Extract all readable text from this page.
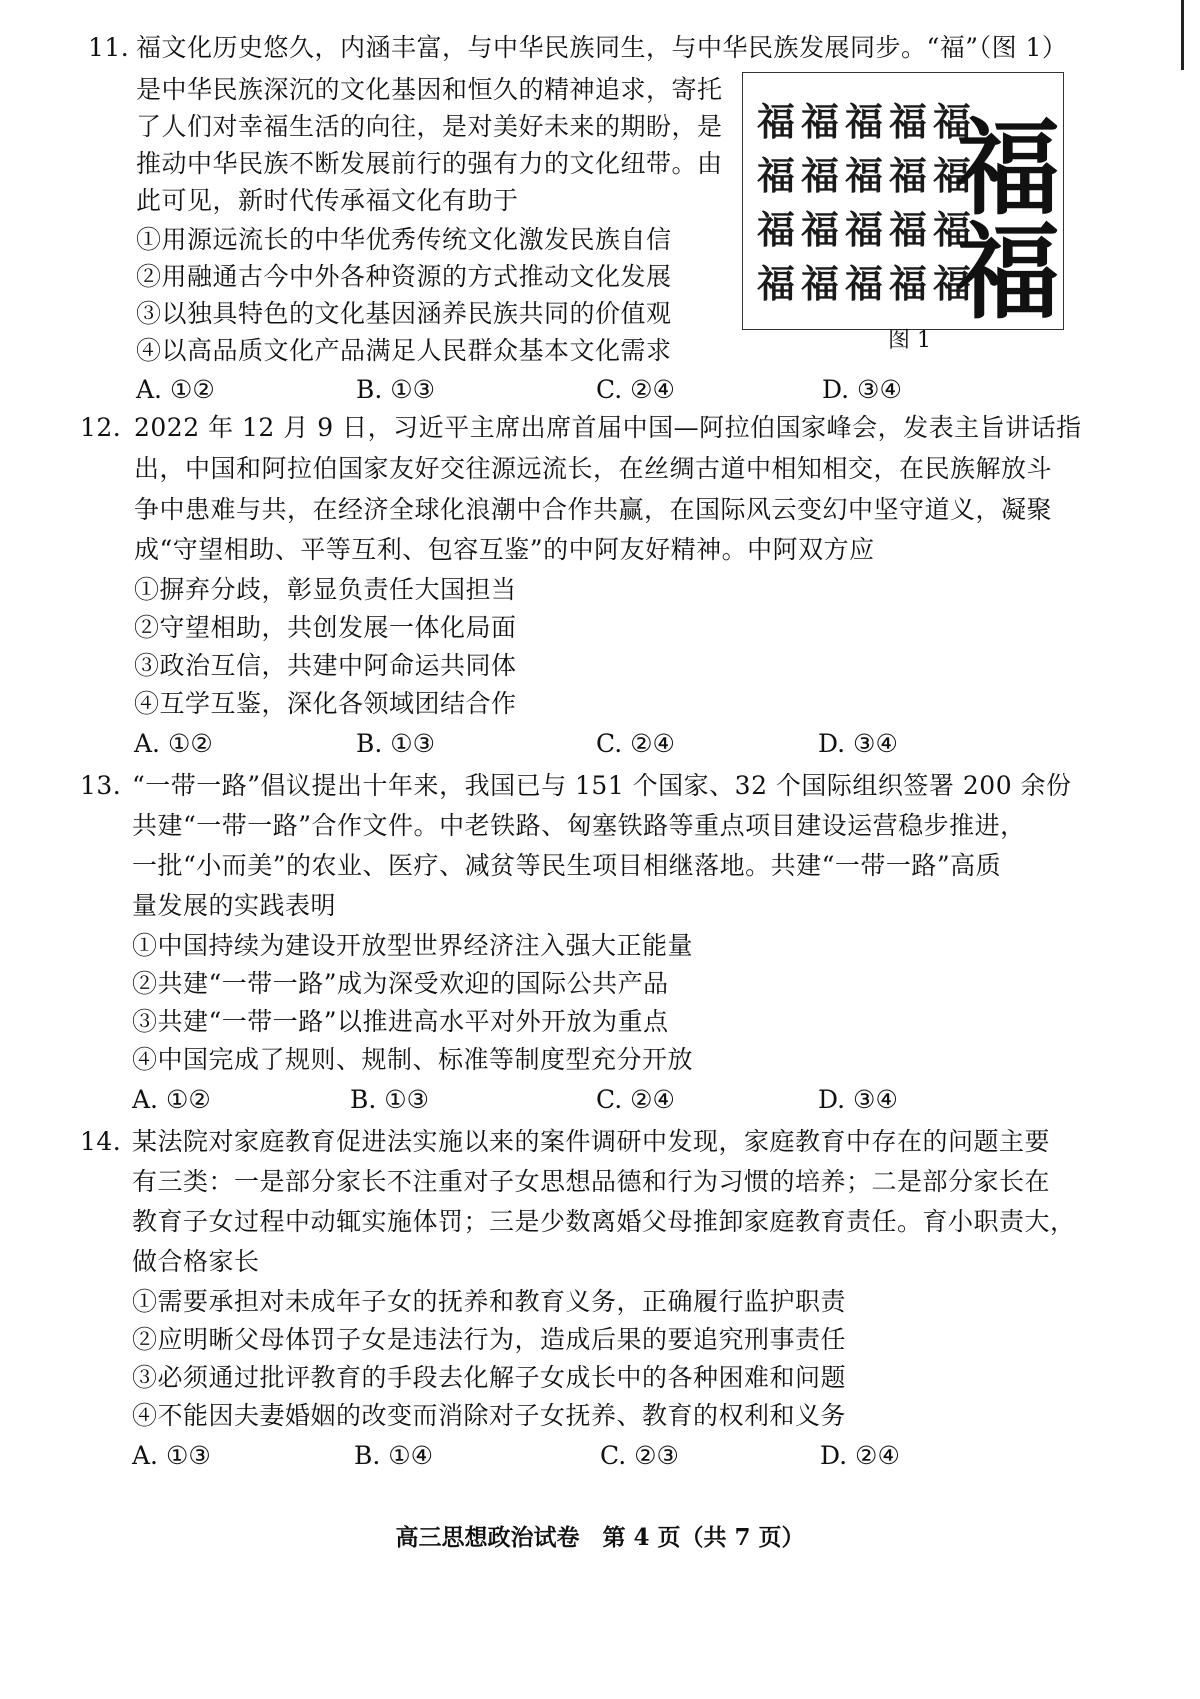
11. 福文化历史悠久，内涵丰富，与中华民族同生，与中华民族发展同步。“福”（图 1）
是中华民族深沉的文化基因和恒久的精神追求，寄托
了人们对幸福生活的向往，是对美好未来的期盼，是
推动中华民族不断发展前行的强有力的文化纽带。由
此可见，新时代传承福文化有助于
①用源远流长的中华优秀传统文化激发民族自信
②用融通古今中外各种资源的方式推动文化发展
③以独具特色的文化基因涵养民族共同的价值观
④以高品质文化产品满足人民群众基本文化需求
A. ①②	B. ①③	C. ②④	D. ③④
福福福福福
福福福福福
福福福福福
福福福福福
福福
图 1
12. 2022 年 12 月 9 日，习近平主席出席首届中国—阿拉伯国家峰会，发表主旨讲话指
出，中国和阿拉伯国家友好交往源远流长，在丝绸古道中相知相交，在民族解放斗
争中患难与共，在经济全球化浪潮中合作共赢，在国际风云变幻中坚守道义，凝聚
成“守望相助、平等互利、包容互鉴”的中阿友好精神。中阿双方应
①摒弃分歧，彰显负责任大国担当
②守望相助，共创发展一体化局面
③政治互信，共建中阿命运共同体
④互学互鉴，深化各领域团结合作
A. ①②	B. ①③	C. ②④	D. ③④
13. “一带一路”倡议提出十年来，我国已与 151 个国家、32 个国际组织签署 200 余份
共建“一带一路”合作文件。中老铁路、匈塞铁路等重点项目建设运营稳步推进，
一批“小而美”的农业、医疗、减贫等民生项目相继落地。共建“一带一路”高质
量发展的实践表明
①中国持续为建设开放型世界经济注入强大正能量
②共建“一带一路”成为深受欢迎的国际公共产品
③共建“一带一路”以推进高水平对外开放为重点
④中国完成了规则、规制、标准等制度型充分开放
A. ①②	B. ①③	C. ②④	D. ③④
14. 某法院对家庭教育促进法实施以来的案件调研中发现，家庭教育中存在的问题主要
有三类：一是部分家长不注重对子女思想品德和行为习惯的培养；二是部分家长在
教育子女过程中动辄实施体罚；三是少数离婚父母推卸家庭教育责任。育小职责大，
做合格家长
①需要承担对未成年子女的抚养和教育义务，正确履行监护职责
②应明晰父母体罚子女是违法行为，造成后果的要追究刑事责任
③必须通过批评教育的手段去化解子女成长中的各种困难和问题
④不能因夫妻婚姻的改变而消除对子女抚养、教育的权利和义务
A. ①③	B. ①④	C. ②③	D. ②④
高三思想政治试卷　第 4 页（共 7 页）
